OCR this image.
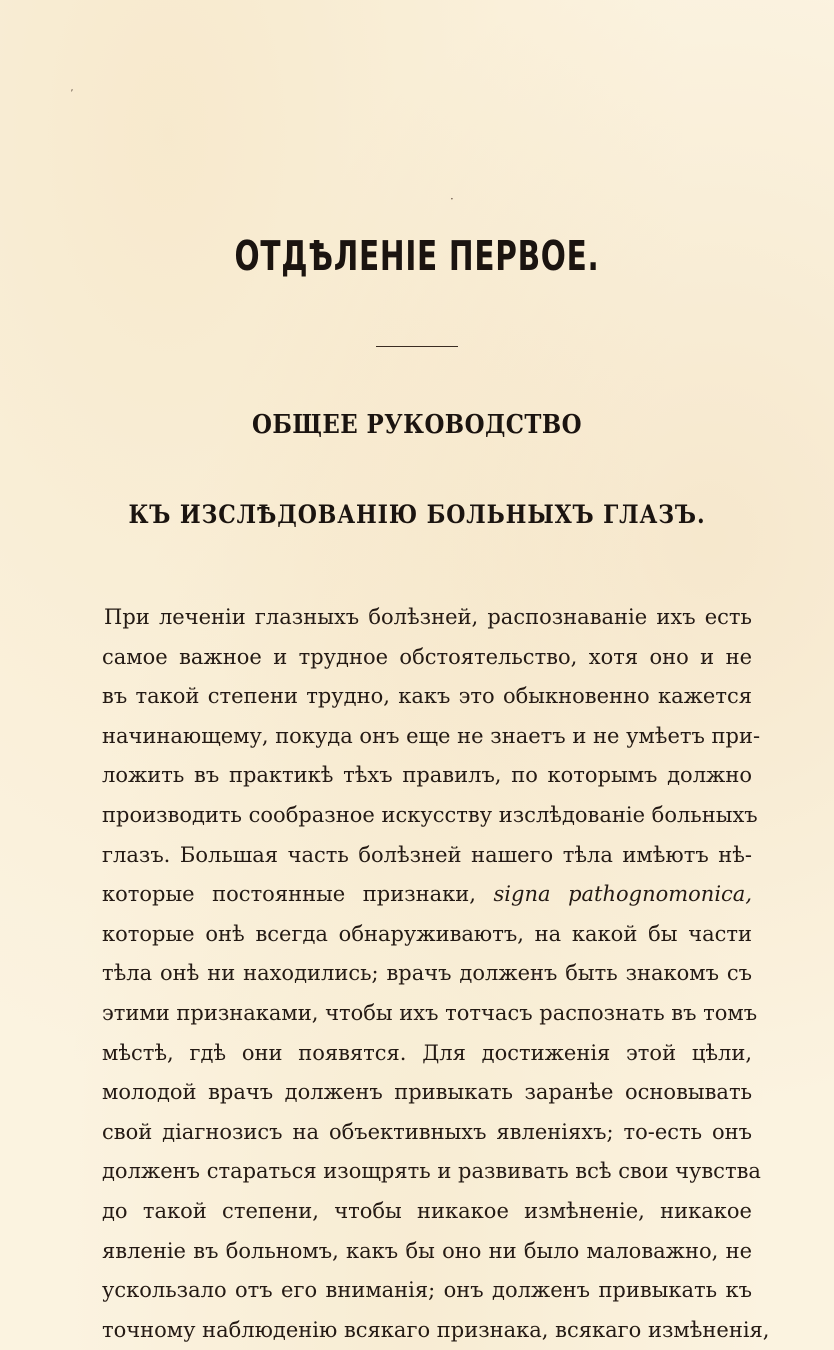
·
ОТДѢЛЕНІЕ ПЕРВОЕ.
ОБЩЕЕ РУКОВОДСТВО
КЪ ИЗСЛѢДОВАНІЮ БОЛЬНЫХЪ ГЛАЗЪ.
При леченіи глазныхъ болѣзней, распознаваніе ихъ есть
самое важное и трудное обстоятельство, хотя оно и не
въ такой степени трудно, какъ это обыкновенно кажется
начинающему, покуда онъ еще не знаетъ и не умѣетъ при-
ложить въ практикѣ тѣхъ правилъ, по которымъ должно
производить сообразное искусству изслѣдованіе больныхъ
глазъ. Большая часть болѣзней нашего тѣла имѣютъ нѣ-
которые постоянные признаки, signa pathognomonica,
которые онѣ всегда обнаруживаютъ, на какой бы части
тѣла онѣ ни находились; врачъ долженъ быть знакомъ съ
этими признаками, чтобы ихъ тотчасъ распознать въ томъ
мѣстѣ, гдѣ они появятся. Для достиженія этой цѣли,
молодой врачъ долженъ привыкать заранѣе основывать
свой діагнозисъ на объективныхъ явленіяхъ; то-есть онъ
долженъ стараться изощрять и развивать всѣ свои чувства
до такой степени, чтобы никакое измѣненіе, никакое
явленіе въ больномъ, какъ бы оно ни было маловажно, не
ускользало отъ его вниманія; онъ долженъ привыкать къ
точному наблюденію всякаго признака, всякаго измѣненія,
